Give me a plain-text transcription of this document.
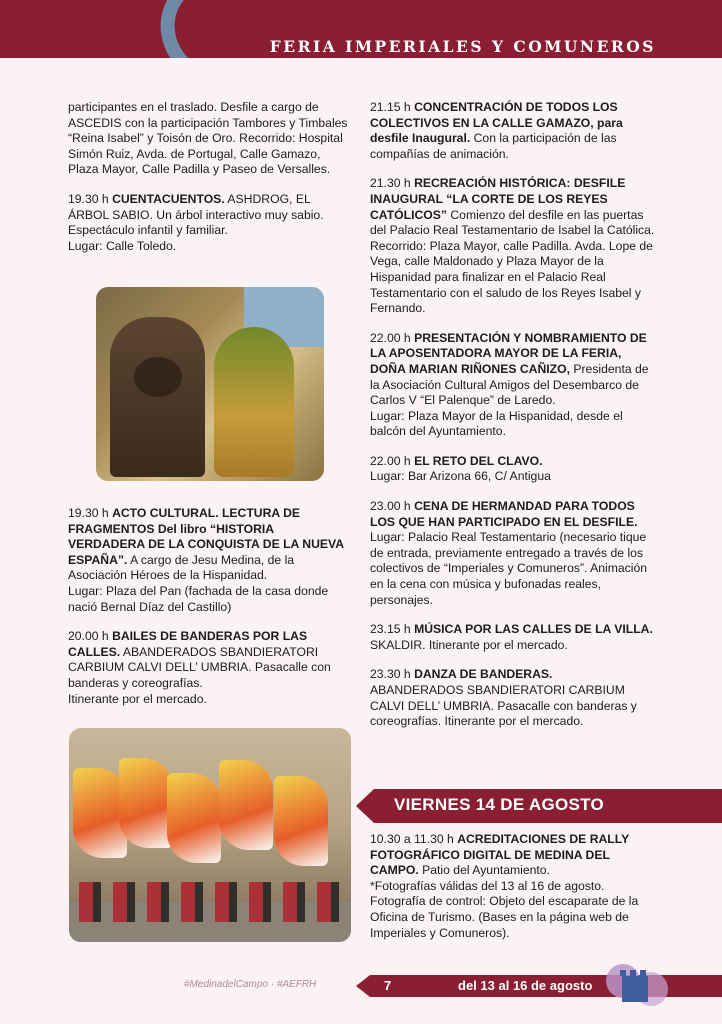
FERIA IMPERIALES Y COMUNEROS

participantes en el traslado. Desfile a cargo de ASCEDIS con la participación Tambores y Timbales “Reina Isabel” y Toisón de Oro. Recorrido: Hospital Simón Ruiz, Avda. de Portugal, Calle Gamazo, Plaza Mayor, Calle Padilla y Paseo de Versalles.

19.30 h CUENTACUENTOS. ASHDROG, EL ÁRBOL SABIO. Un árbol interactivo muy sabio. Espectáculo infantil y familiar.

Lugar: Calle Toledo.

19.30 h ACTO CULTURAL. LECTURA DE FRAGMENTOS Del libro “HISTORIA VERDADERA DE LA CONQUISTA DE LA NUEVA ESPAÑA”. A cargo de Jesu Medina, de la Asociación Héroes de la Hispanidad.

Lugar: Plaza del Pan (fachada de la casa donde nació Bernal Díaz del Castillo)

20.00 h BAILES DE BANDERAS POR LAS CALLES. ABANDERADOS SBANDIERATORI CARBIUM CALVI DELL’ UMBRIA. Pasacalle con banderas y coreografías.

Itinerante por el mercado.

21.15 h CONCENTRACIÓN DE TODOS LOS COLECTIVOS EN LA CALLE GAMAZO, para desfile Inaugural. Con la participación de las compañías de animación.

21.30 h RECREACIÓN HISTÓRICA: DESFILE INAUGURAL “LA CORTE DE LOS REYES CATÓLICOS” Comienzo del desfile en las puertas del Palacio Real Testamentario de Isabel la Católica.

Recorrido: Plaza Mayor, calle Padilla. Avda. Lope de Vega, calle Maldonado y Plaza Mayor de la Hispanidad para finalizar en el Palacio Real Testamentario con el saludo de los Reyes Isabel y Fernando.

22.00 h PRESENTACIÓN Y NOMBRAMIENTO DE LA APOSENTADORA MAYOR DE LA FERIA, DOÑA MARIAN RIÑONES CAÑIZO, Presidenta de la Asociación Cultural Amigos del Desembarco de Carlos V “El Palenque” de Laredo.

Lugar: Plaza Mayor de la Hispanidad, desde el balcón del Ayuntamiento.

22.00 h EL RETO DEL CLAVO.

Lugar: Bar Arizona 66, C/ Antigua

23.00 h CENA DE HERMANDAD PARA TODOS LOS QUE HAN PARTICIPADO EN EL DESFILE.

Lugar: Palacio Real Testamentario (necesario tique de entrada, previamente entregado a través de los colectivos de “Imperiales y Comuneros”. Animación en la cena con música y bufonadas reales, personajes.

23.15 h MÚSICA POR LAS CALLES DE LA VILLA. SKALDIR. Itinerante por el mercado.

23.30 h DANZA DE BANDERAS.

ABANDERADOS SBANDIERATORI CARBIUM CALVI DELL’ UMBRIA. Pasacalle con banderas y coreografías. Itinerante por el mercado.

VIERNES 14 DE AGOSTO

10.30 a 11.30 h ACREDITACIONES DE RALLY FOTOGRÁFICO DIGITAL DE MEDINA DEL CAMPO. Patio del Ayuntamiento.

*Fotografías válidas del 13 al 16 de agosto. Fotografía de control: Objeto del escaparate de la Oficina de Turismo. (Bases en la página web de Imperiales y Comuneros).

#MedinadelCampo · #AEFRH	7	del 13 al 16 de agosto
